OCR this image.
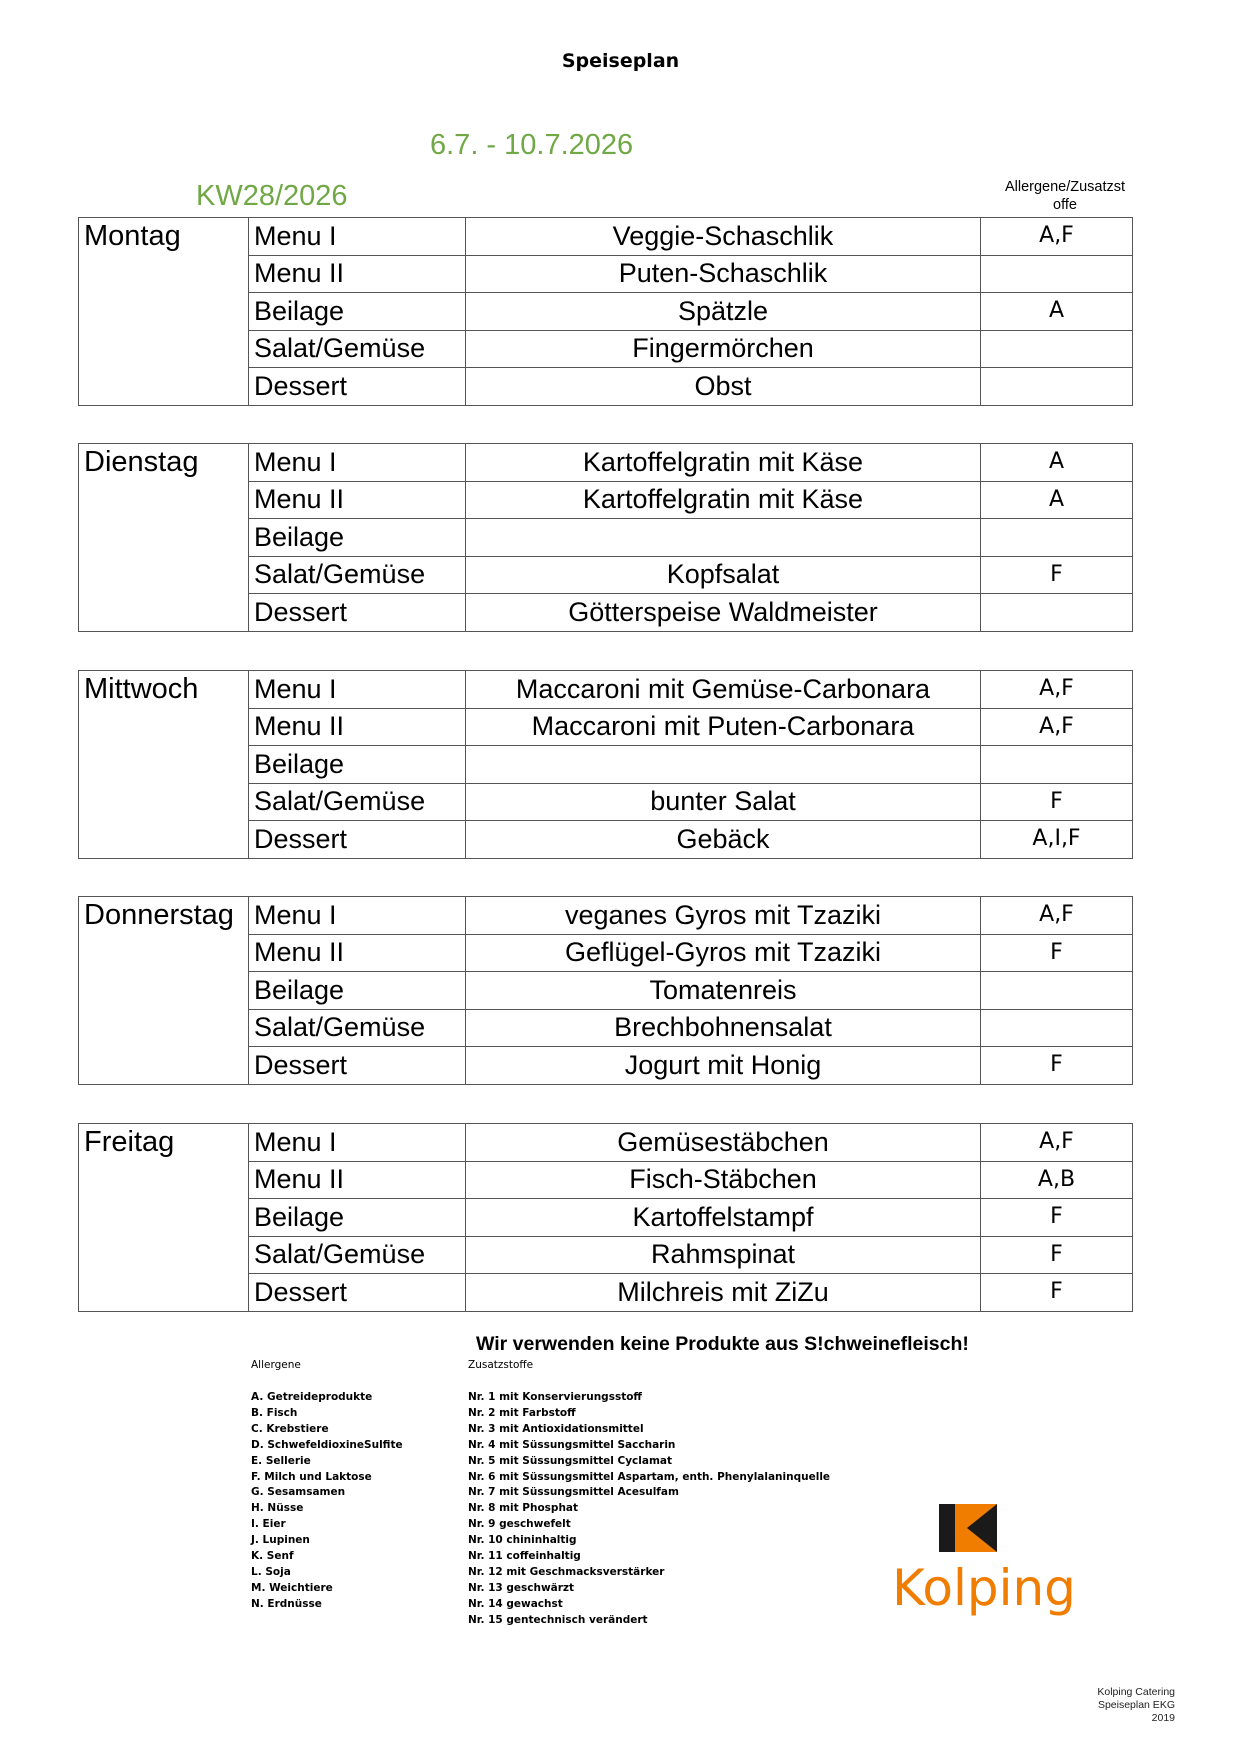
Speiseplan
6.7. - 10.7.2026
KW28/2026	Allergene/Zusatzst
offe
Montag	Menu I	Veggie-Schaschlik	A,F
	Menu II	Puten-Schaschlik	
	Beilage	Spätzle	A
	Salat/Gemüse	Fingermörchen	
	Dessert	Obst	
Dienstag	Menu I	Kartoffelgratin mit Käse	A
	Menu II	Kartoffelgratin mit Käse	A
	Beilage		
	Salat/Gemüse	Kopfsalat	F
	Dessert	Götterspeise Waldmeister	
Mittwoch	Menu I	Maccaroni mit Gemüse-Carbonara	A,F
	Menu II	Maccaroni mit Puten-Carbonara	A,F
	Beilage		
	Salat/Gemüse	bunter Salat	F
	Dessert	Gebäck	A,I,F
Donnerstag	Menu I	veganes Gyros mit Tzaziki	A,F
	Menu II	Geflügel-Gyros mit Tzaziki	F
	Beilage	Tomatenreis	
	Salat/Gemüse	Brechbohnensalat	
	Dessert	Jogurt mit Honig	F
Freitag	Menu I	Gemüsestäbchen	A,F
	Menu II	Fisch-Stäbchen	A,B
	Beilage	Kartoffelstampf	F
	Salat/Gemüse	Rahmspinat	F
	Dessert	Milchreis mit ZiZu	F
Wir verwenden keine Produkte aus S!chweinefleisch!
Allergene	Zusatzstoffe
A. Getreideprodukte
B. Fisch
C. Krebstiere
D. SchwefeldioxineSulfite
E. Sellerie
F. Milch und Laktose
G. Sesamsamen
H. Nüsse
I. Eier
J. Lupinen
K. Senf
L. Soja
M. Weichtiere
N. Erdnüsse
Nr. 1 mit Konservierungsstoff
Nr. 2 mit Farbstoff
Nr. 3 mit Antioxidationsmittel
Nr. 4 mit Süssungsmittel Saccharin
Nr. 5 mit Süssungsmittel Cyclamat
Nr. 6 mit Süssungsmittel Aspartam, enth. Phenylalaninquelle
Nr. 7 mit Süssungsmittel Acesulfam
Nr. 8 mit Phosphat
Nr. 9 geschwefelt
Nr. 10 chininhaltig
Nr. 11 coffeinhaltig
Nr. 12 mit Geschmacksverstärker
Nr. 13 geschwärzt
Nr. 14 gewachst
Nr. 15 gentechnisch verändert
Kolping
Kolping Catering
Speiseplan EKG
2019
